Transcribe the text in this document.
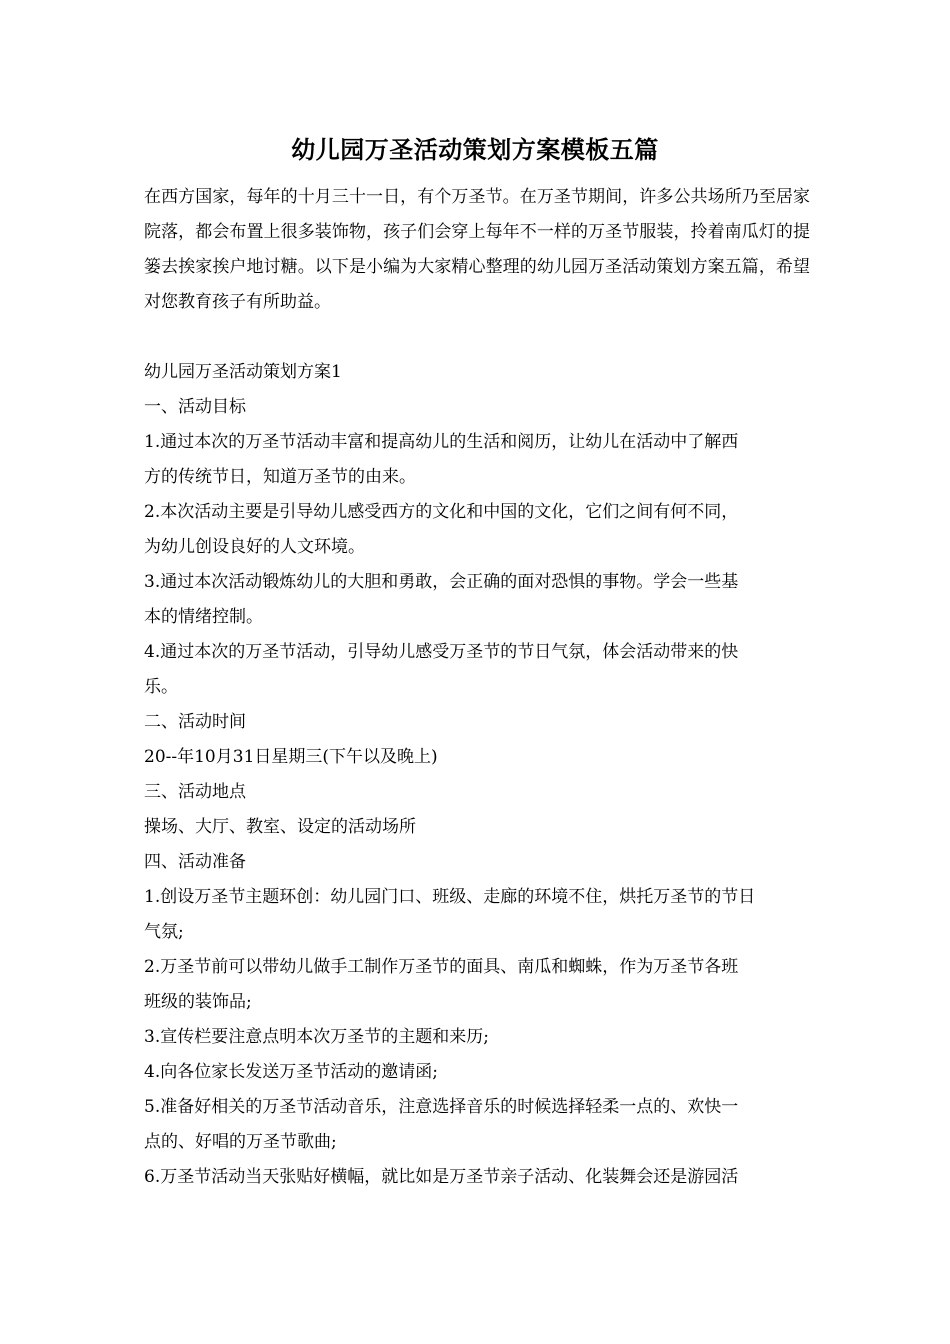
幼儿园万圣活动策划方案模板五篇

在西方国家，每年的十月三十一日，有个万圣节。在万圣节期间，许多公共场所乃至居家院落，都会布置上很多装饰物，孩子们会穿上每年不一样的万圣节服装，拎着南瓜灯的提篓去挨家挨户地讨糖。以下是小编为大家精心整理的幼儿园万圣活动策划方案五篇，希望对您教育孩子有所助益。

幼儿园万圣活动策划方案1

一、活动目标

1.通过本次的万圣节活动丰富和提高幼儿的生活和阅历，让幼儿在活动中了解西

方的传统节日，知道万圣节的由来。

2.本次活动主要是引导幼儿感受西方的文化和中国的文化，它们之间有何不同，

为幼儿创设良好的人文环境。

3.通过本次活动锻炼幼儿的大胆和勇敢，会正确的面对恐惧的事物。学会一些基

本的情绪控制。

4.通过本次的万圣节活动，引导幼儿感受万圣节的节日气氛，体会活动带来的快

乐。

二、活动时间

20--年10月31日星期三(下午以及晚上)

三、活动地点

操场、大厅、教室、设定的活动场所

四、活动准备

1.创设万圣节主题环创：幼儿园门口、班级、走廊的环境不住，烘托万圣节的节日

气氛;

2.万圣节前可以带幼儿做手工制作万圣节的面具、南瓜和蜘蛛，作为万圣节各班

班级的装饰品;

3.宣传栏要注意点明本次万圣节的主题和来历;

4.向各位家长发送万圣节活动的邀请函;

5.准备好相关的万圣节活动音乐，注意选择音乐的时候选择轻柔一点的、欢快一

点的、好唱的万圣节歌曲;

6.万圣节活动当天张贴好横幅，就比如是万圣节亲子活动、化装舞会还是游园活
